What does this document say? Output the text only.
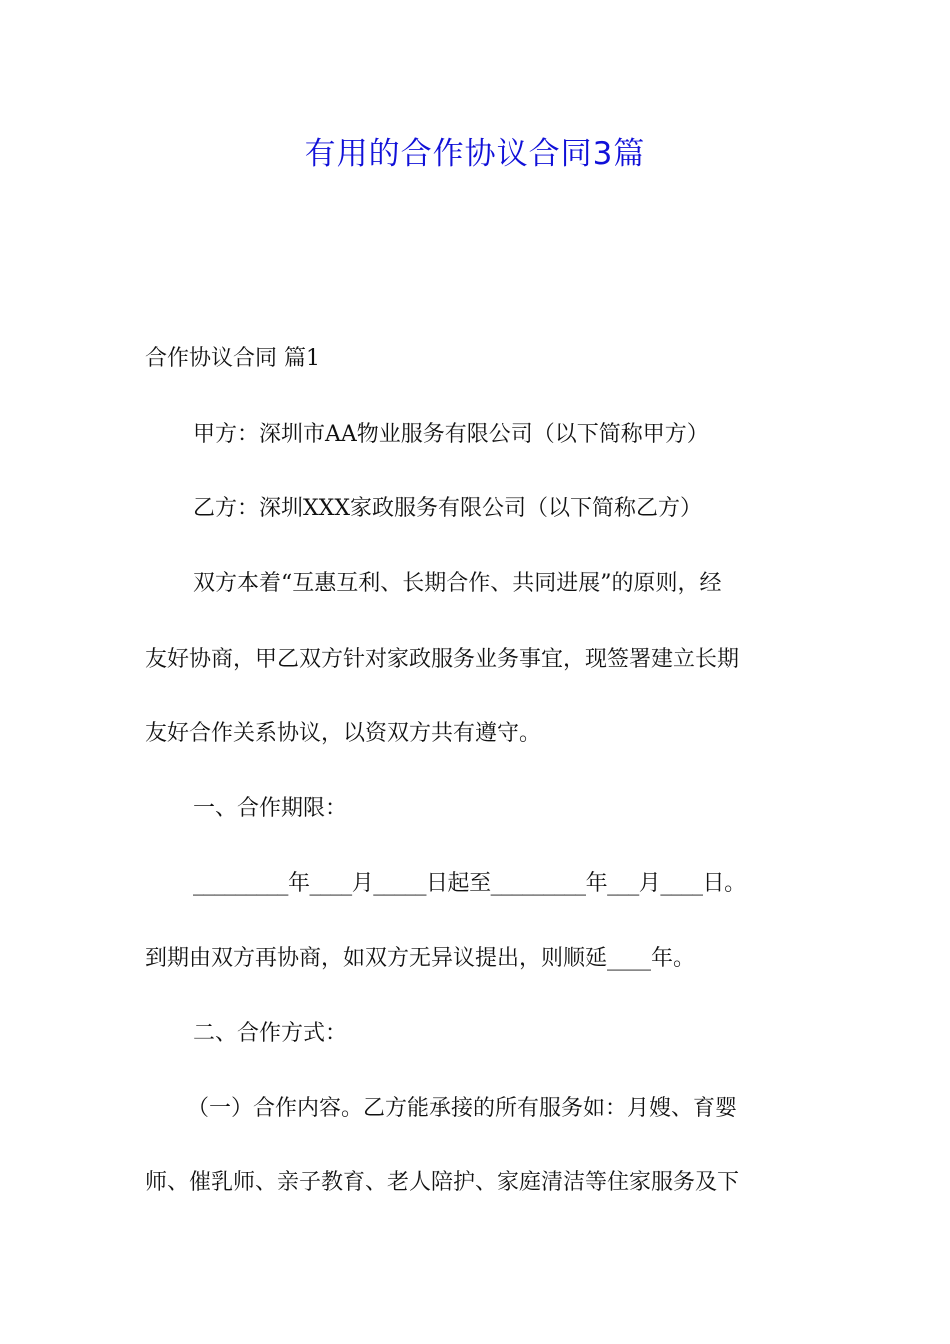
有用的合作协议合同3篇

合作协议合同 篇1

甲方：深圳市AA物业服务有限公司（以下简称甲方）

乙方：深圳XXX家政服务有限公司（以下简称乙方）

双方本着“互惠互利、长期合作、共同进展”的原则，经

友好协商，甲乙双方针对家政服务业务事宜，现签署建立长期

友好合作关系协议，以资双方共有遵守。

一、合作期限：

_________年____月_____日起至_________年___月____日。

到期由双方再协商，如双方无异议提出，则顺延____年。

二、合作方式：

（一）合作内容。乙方能承接的所有服务如：月嫂、育婴

师、催乳师、亲子教育、老人陪护、家庭清洁等住家服务及下
